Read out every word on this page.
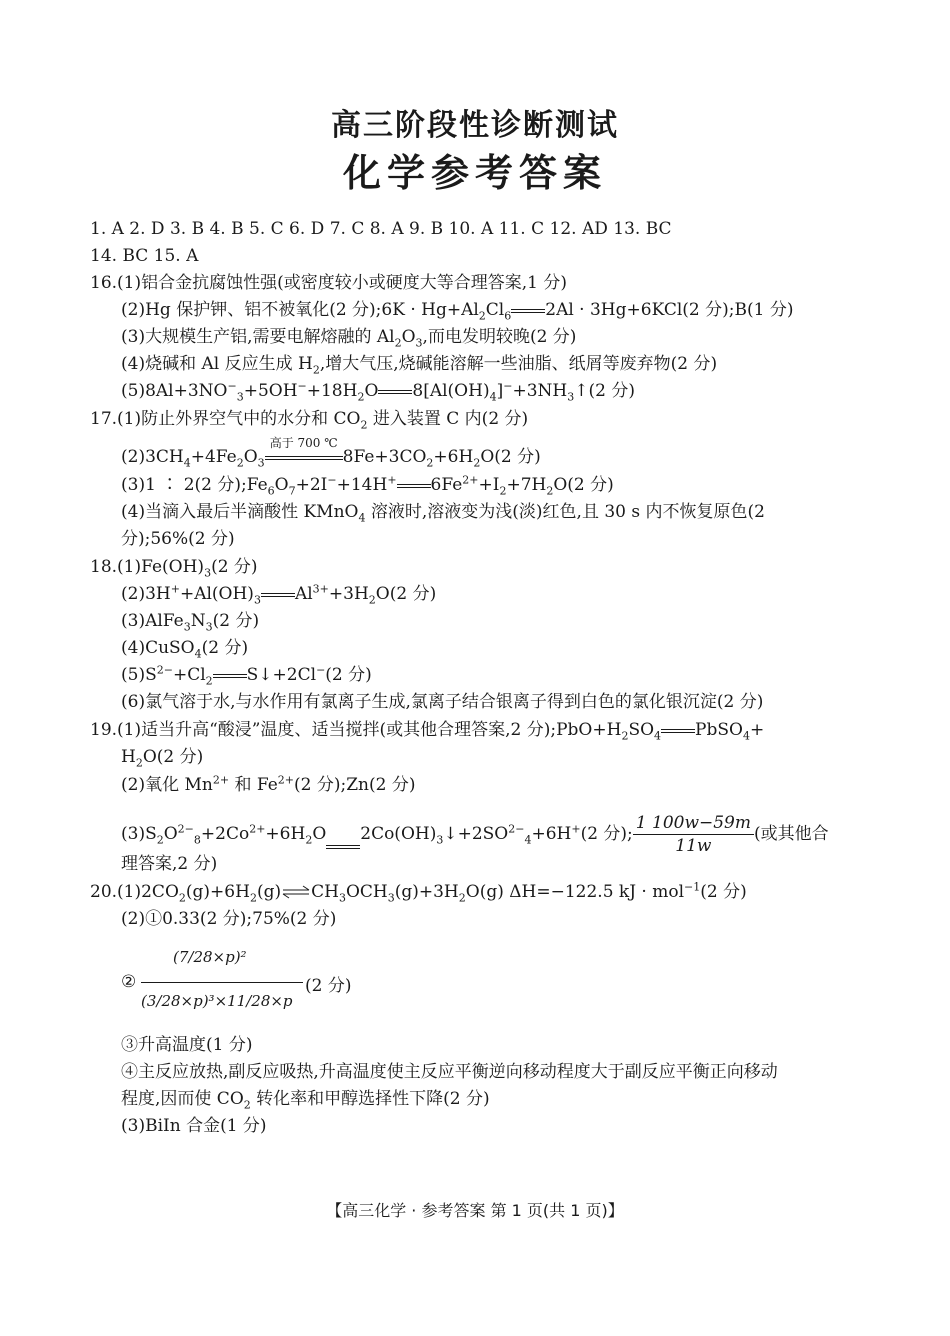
高三阶段性诊断测试
化学参考答案
1. A 2. D 3. B 4. B 5. C 6. D 7. C 8. A 9. B 10. A 11. C 12. AD 13. BC
14. BC 15. A
16.(1)铝合金抗腐蚀性强(或密度较小或硬度大等合理答案,1 分)
(2)Hg 保护钾、铝不被氧化(2 分);6K · $Hg+Al_2Cl_6$ 2Al · 3Hg+6KCl(2 分);B(1 分)
(3)大规模生产铝,需要电解熔融的 $Al_2O_3$,而电发明较晚(2 分)
(4)烧碱和 Al 反应生成 $H_2$,增大气压,烧碱能溶解一些油脂、纸屑等废弃物(2 分)
$(5)8Al+3NO^-_3+5OH^-+18H_2O$ $8[Al(OH)_4]^-+3NH_3↑(2$ 分)
17.(1)防止外界空气中的水分和 $CO_2$ 进入装置 C 内(2 分)
$(2)3CH_4+4Fe_2O_3$
高于 700 ℃
$8Fe+3CO_2+6H_2O(2$ 分)
(3)1 ∶ 2(2 分)$;Fe_6O_7+2I^-+14H^+$ $6Fe^{2+}+I_2+7H_2O(2$ 分)
(4)当滴入最后半滴酸性 KMnO$_4$ 溶液时,溶液变为浅(淡)红色,且 30 s 内不恢复原色(2
分);56%(2 分)
$18.(1)Fe(OH)_3(2$ 分)
$(2)3H^++Al(OH)_3$ $Al^{3+}+3H_2O(2$ 分)
$(3)AlFe_3N_3(2$ 分)
(4)CuSO$_4$(2 分)
$(5)S^{2-}+Cl_2$ S↓+2Cl−(2 分)
(6)氯气溶于水,与水作用有氯离子生成,氯离子结合银离子得到白色的氯化银沉淀(2 分)
19.(1)适当升高“酸浸”温度、适当搅拌(或其他合理答案,2 分)$;PbO+H_2SO_4$ PbSO$_4$+
$H_2O(2$ 分)
(2)氧化 $Mn^{2+}$ 和 $Fe^{2+}(2$ 分);Zn(2 分)
$(3)S_2O^{2-}_8+2Co^{2+}+6H_2O$ $2Co(OH)_3↓+2SO^{2-}_4+6H^+(2$ 分); $\frac{1 100w-59m}{11w}$ (或其他合
理答案,2 分)
$20.(1)2CO_2(g)+6H_2(g)\rightleftharpoons CH_3OCH_3(g)+3H_2O(g)$ ΔH=−122.5 kJ · mol$^{-1}$(2 分)
(2)①0.33(2 分);75%(2 分)
②
(7/28×p)²
(3/28×p)³×11/28×p
(2 分)
③升高温度(1 分)
④主反应放热,副反应吸热,升高温度使主反应平衡逆向移动程度大于副反应平衡正向移动
程度,因而使 $CO_2$ 转化率和甲醇选择性下降(2 分)
(3)BiIn 合金(1 分)
【高三化学 · 参考答案 第 1 页(共 1 页)】
